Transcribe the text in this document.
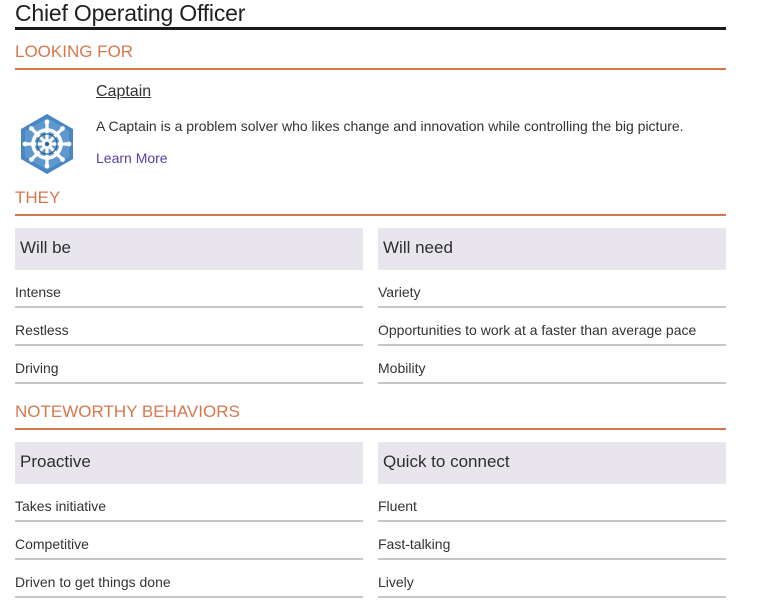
Chief Operating Officer
LOOKING FOR
Captain
A Captain is a problem solver who likes change and innovation while controlling the big picture.
Learn More
THEY
Will be
Intense
Restless
Driving
Will need
Variety
Opportunities to work at a faster than average pace
Mobility
NOTEWORTHY BEHAVIORS
Proactive
Takes initiative
Competitive
Driven to get things done
Quick to connect
Fluent
Fast-talking
Lively
